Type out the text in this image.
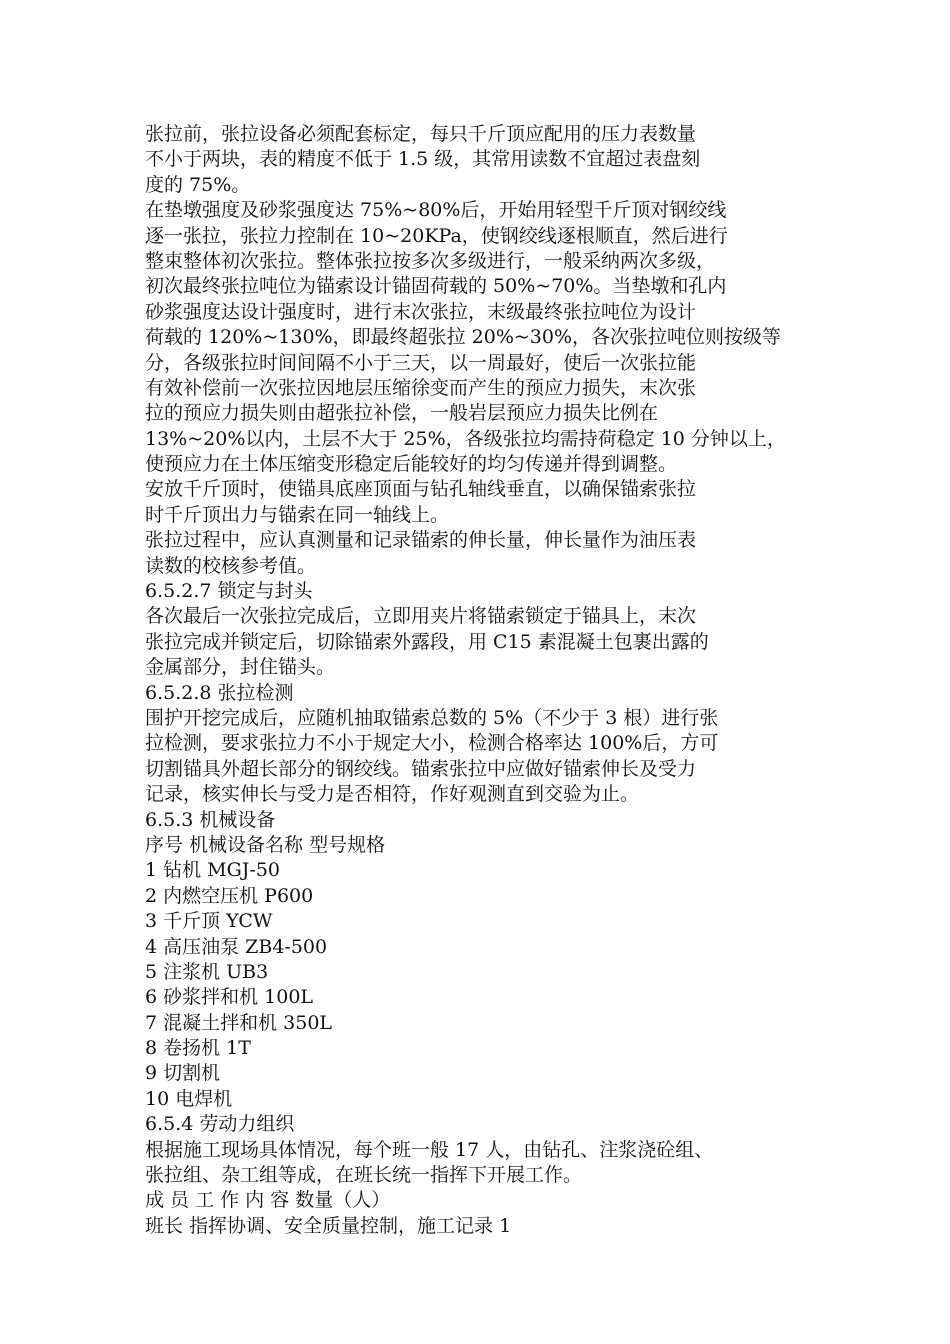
张拉前，张拉设备必须配套标定，每只千斤顶应配用的压力表数量
不小于两块，表的精度不低于 1.5 级，其常用读数不宜超过表盘刻
度的 75%。
在垫墩强度及砂浆强度达 75%~80%后，开始用轻型千斤顶对钢绞线
逐一张拉，张拉力控制在 10~20KPa，使钢绞线逐根顺直，然后进行
整束整体初次张拉。整体张拉按多次多级进行，一般采纳两次多级，
初次最终张拉吨位为锚索设计锚固荷载的 50%~70%。当垫墩和孔内
砂浆强度达设计强度时，进行末次张拉，末级最终张拉吨位为设计
荷载的 120%~130%，即最终超张拉 20%~30%，各次张拉吨位则按级等
分，各级张拉时间间隔不小于三天，以一周最好，使后一次张拉能
有效补偿前一次张拉因地层压缩徐变而产生的预应力损失，末次张
拉的预应力损失则由超张拉补偿，一般岩层预应力损失比例在
13%~20%以内，土层不大于 25%，各级张拉均需持荷稳定 10 分钟以上，
使预应力在土体压缩变形稳定后能较好的均匀传递并得到调整。
安放千斤顶时，使锚具底座顶面与钻孔轴线垂直，以确保锚索张拉
时千斤顶出力与锚索在同一轴线上。
张拉过程中，应认真测量和记录锚索的伸长量，伸长量作为油压表
读数的校核参考值。
6.5.2.7 锁定与封头
各次最后一次张拉完成后，立即用夹片将锚索锁定于锚具上，末次
张拉完成并锁定后，切除锚索外露段，用 C15 素混凝土包裹出露的
金属部分，封住锚头。
6.5.2.8 张拉检测
围护开挖完成后，应随机抽取锚索总数的 5%（不少于 3 根）进行张
拉检测，要求张拉力不小于规定大小，检测合格率达 100%后，方可
切割锚具外超长部分的钢绞线。锚索张拉中应做好锚索伸长及受力
记录，核实伸长与受力是否相符，作好观测直到交验为止。
6.5.3 机械设备
序号 机械设备名称 型号规格
1 钻机 MGJ-50
2 内燃空压机 P600
3 千斤顶 YCW
4 高压油泵 ZB4-500
5 注浆机 UB3
6 砂浆拌和机 100L
7 混凝土拌和机 350L
8 卷扬机 1T
9 切割机
10 电焊机
6.5.4 劳动力组织
根据施工现场具体情况，每个班一般 17 人，由钻孔、注浆浇砼组、
张拉组、杂工组等成，在班长统一指挥下开展工作。
成 员 工 作 内 容 数量（人）
班长 指挥协调、安全质量控制，施工记录 1
